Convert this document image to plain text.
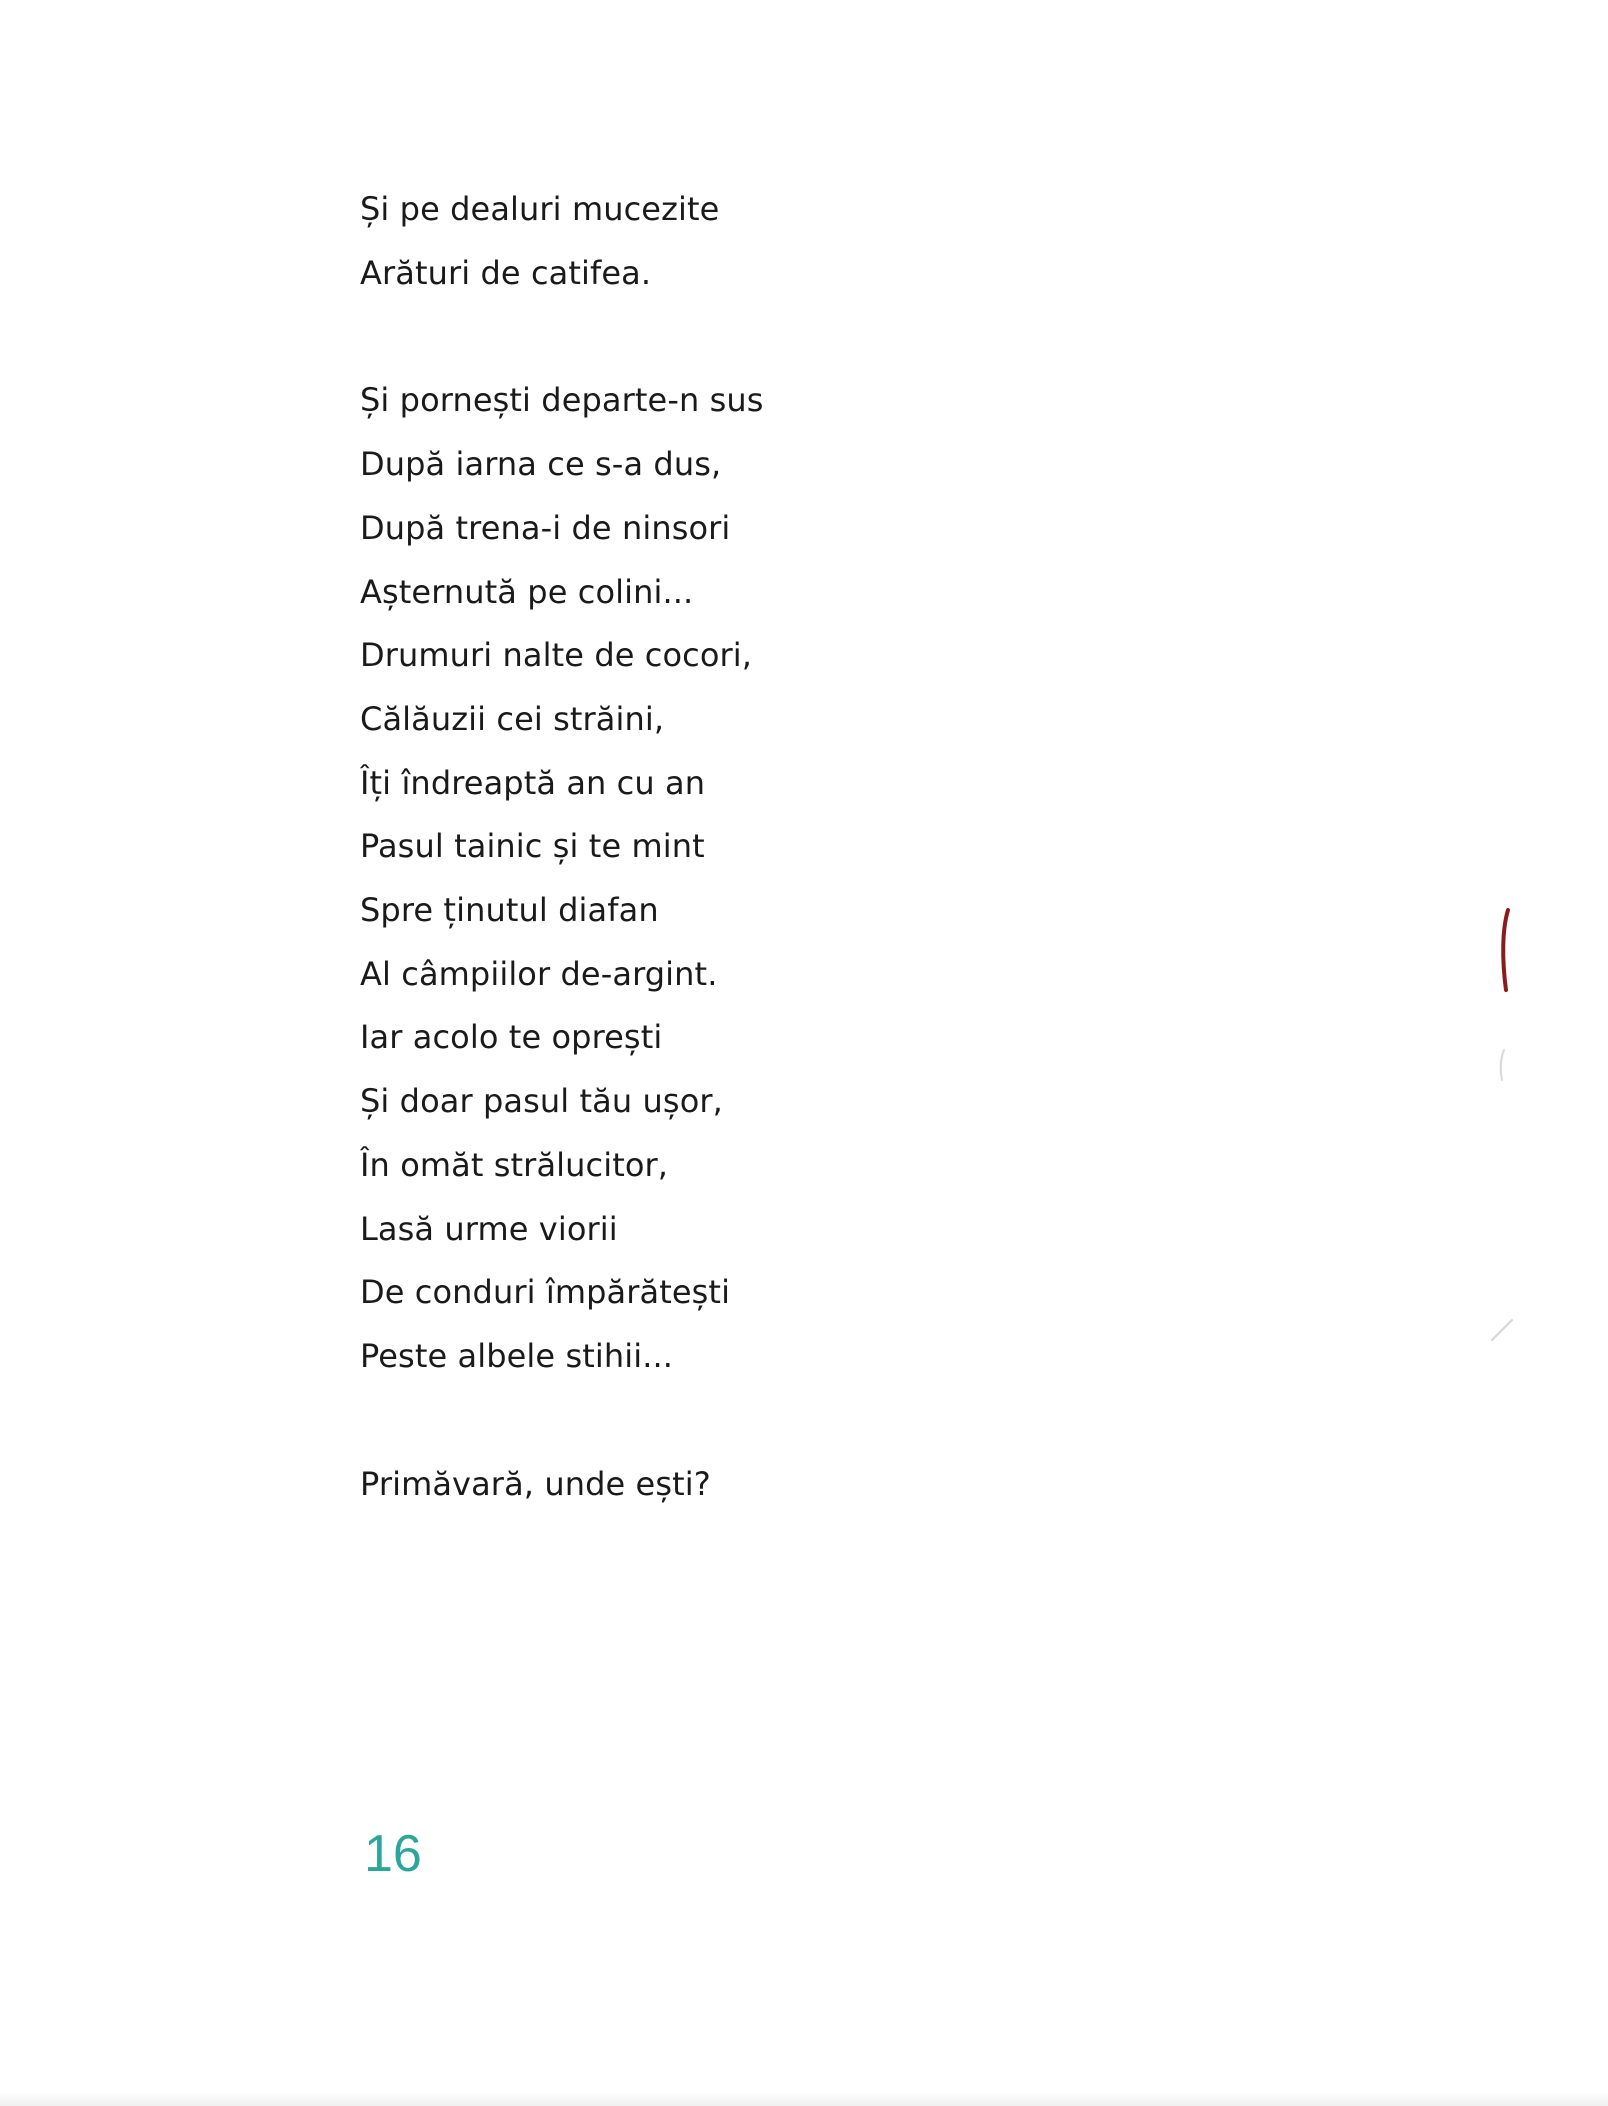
Și pe dealuri mucezite
Arături de catifea.
Și pornești departe-n sus
După iarna ce s-a dus,
După trena-i de ninsori
Așternută pe colini...
Drumuri nalte de cocori,
Călăuzii cei străini,
Îți îndreaptă an cu an
Pasul tainic și te mint
Spre ținutul diafan
Al câmpiilor de-argint.
Iar acolo te oprești
Și doar pasul tău ușor,
În omăt strălucitor,
Lasă urme viorii
De conduri împărătești
Peste albele stihii...
Primăvară, unde ești?
16
